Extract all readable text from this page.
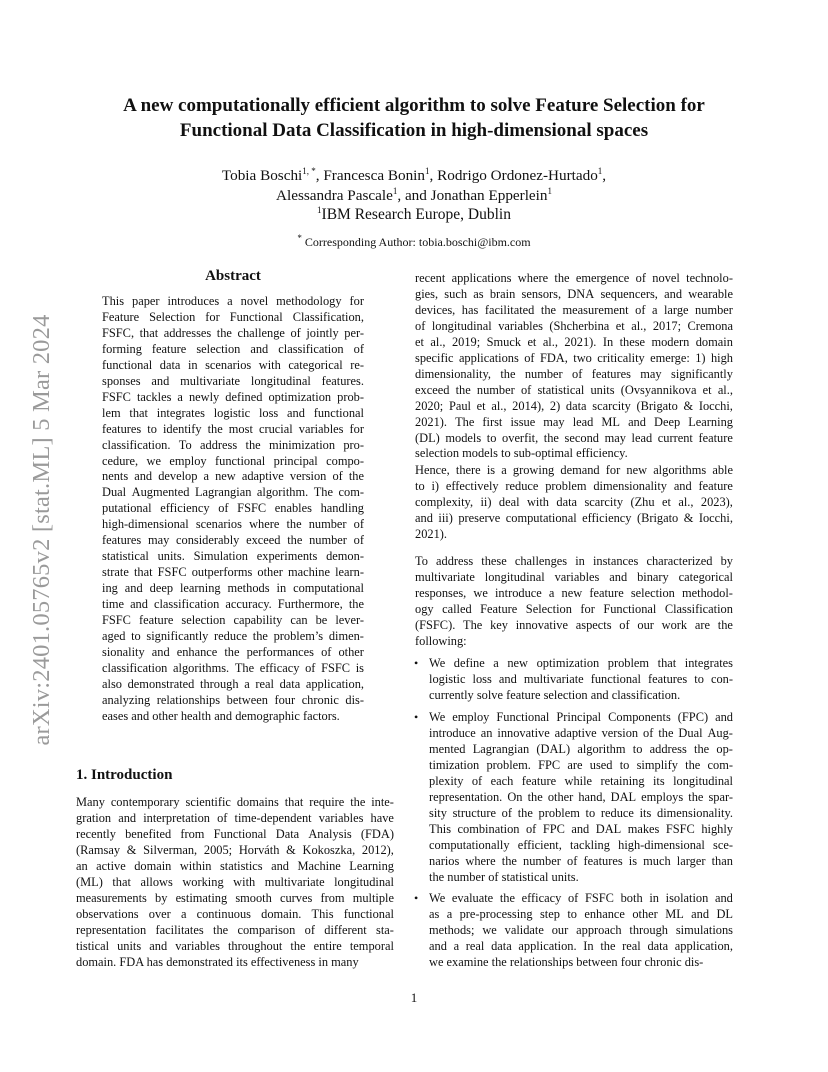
arXiv:2401.05765v2 [stat.ML] 5 Mar 2024
A new computationally efficient algorithm to solve Feature Selection for
Functional Data Classification in high-dimensional spaces
Tobia Boschi$^{1, *}$, Francesca Bonin$^1$, Rodrigo Ordonez-Hurtado$^1$,
Alessandra Pascale$^1$, and Jonathan Epperlein$^1$
$^1$IBM Research Europe, Dublin
* Corresponding Author: tobia.boschi@ibm.com
Abstract
This paper introduces a novel methodology for
Feature Selection for Functional Classification,
FSFC, that addresses the challenge of jointly per-
forming feature selection and classification of
functional data in scenarios with categorical re-
sponses and multivariate longitudinal features.
FSFC tackles a newly defined optimization prob-
lem that integrates logistic loss and functional
features to identify the most crucial variables for
classification. To address the minimization pro-
cedure, we employ functional principal compo-
nents and develop a new adaptive version of the
Dual Augmented Lagrangian algorithm. The com-
putational efficiency of FSFC enables handling
high-dimensional scenarios where the number of
features may considerably exceed the number of
statistical units. Simulation experiments demon-
strate that FSFC outperforms other machine learn-
ing and deep learning methods in computational
time and classification accuracy. Furthermore, the
FSFC feature selection capability can be lever-
aged to significantly reduce the problem’s dimen-
sionality and enhance the performances of other
classification algorithms. The efficacy of FSFC is
also demonstrated through a real data application,
analyzing relationships between four chronic dis-
eases and other health and demographic factors.
1. Introduction
Many contemporary scientific domains that require the inte-
gration and interpretation of time-dependent variables have
recently benefited from Functional Data Analysis (FDA)
(Ramsay & Silverman, 2005; Horváth & Kokoszka, 2012),
an active domain within statistics and Machine Learning
(ML) that allows working with multivariate longitudinal
measurements by estimating smooth curves from multiple
observations over a continuous domain. This functional
representation facilitates the comparison of different sta-
tistical units and variables throughout the entire temporal
domain. FDA has demonstrated its effectiveness in many
recent applications where the emergence of novel technolo-
gies, such as brain sensors, DNA sequencers, and wearable
devices, has facilitated the measurement of a large number
of longitudinal variables (Shcherbina et al., 2017; Cremona
et al., 2019; Smuck et al., 2021). In these modern domain
specific applications of FDA, two criticality emerge: 1) high
dimensionality, the number of features may significantly
exceed the number of statistical units (Ovsyannikova et al.,
2020; Paul et al., 2014), 2) data scarcity (Brigato & Iocchi,
2021). The first issue may lead ML and Deep Learning
(DL) models to overfit, the second may lead current feature
selection models to sub-optimal efficiency.
Hence, there is a growing demand for new algorithms able
to i) effectively reduce problem dimensionality and feature
complexity, ii) deal with data scarcity (Zhu et al., 2023),
and iii) preserve computational efficiency (Brigato & Iocchi,
2021).
To address these challenges in instances characterized by
multivariate longitudinal variables and binary categorical
responses, we introduce a new feature selection methodol-
ogy called Feature Selection for Functional Classification
(FSFC). The key innovative aspects of our work are the
following:
• We define a new optimization problem that integrates
logistic loss and multivariate functional features to con-
currently solve feature selection and classification.
• We employ Functional Principal Components (FPC) and
introduce an innovative adaptive version of the Dual Aug-
mented Lagrangian (DAL) algorithm to address the op-
timization problem. FPC are used to simplify the com-
plexity of each feature while retaining its longitudinal
representation. On the other hand, DAL employs the spar-
sity structure of the problem to reduce its dimensionality.
This combination of FPC and DAL makes FSFC highly
computationally efficient, tackling high-dimensional sce-
narios where the number of features is much larger than
the number of statistical units.
• We evaluate the efficacy of FSFC both in isolation and
as a pre-processing step to enhance other ML and DL
methods; we validate our approach through simulations
and a real data application. In the real data application,
we examine the relationships between four chronic dis-
1
